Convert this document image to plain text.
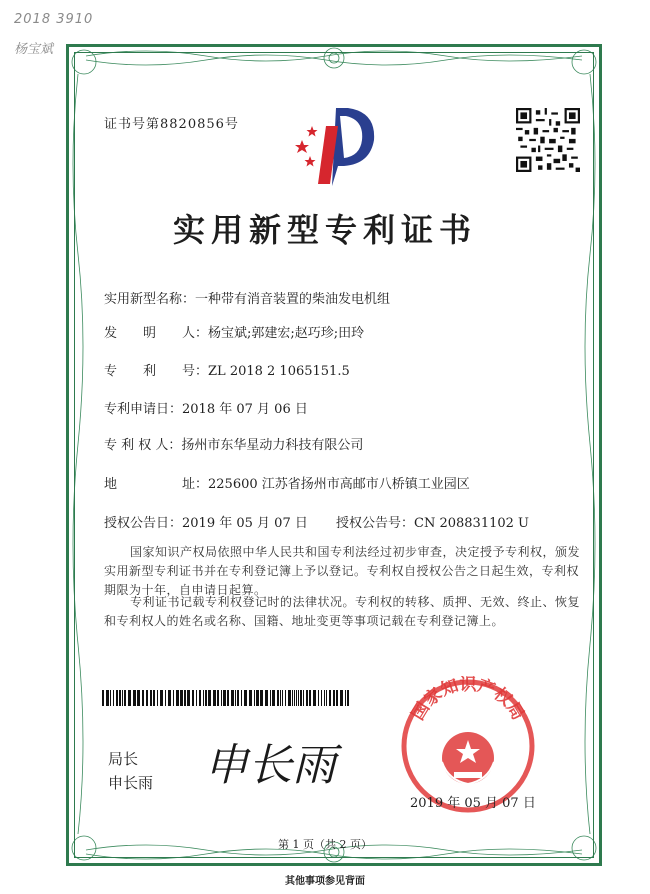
2018 3910
杨宝斌
证书号第8820856号
实用新型专利证书
实用新型名称：一种带有消音装置的柴油发电机组
发　　明　　人：杨宝斌;郭建宏;赵巧珍;田玲
专　　利　　号：ZL 2018 2 1065151.5
专利申请日：2018 年 07 月 06 日
专 利 权 人：扬州市东华星动力科技有限公司
地　　　　　址：225600 江苏省扬州市高邮市八桥镇工业园区
授权公告日：2019 年 05 月 07 日 授权公告号：CN 208831102 U
国家知识产权局依照中华人民共和国专利法经过初步审查，决定授予专利权，颁发实用新型专利证书并在专利登记簿上予以登记。专利权自授权公告之日起生效，专利权期限为十年，自申请日起算。
专利证书记载专利权登记时的法律状况。专利权的转移、质押、无效、终止、恢复和专利权人的姓名或名称、国籍、地址变更等事项记载在专利登记簿上。
局长
申长雨 申长雨
国家知识产权局
2019 年 05 月 07 日
第 1 页（共 2 页）
其他事项参见背面
